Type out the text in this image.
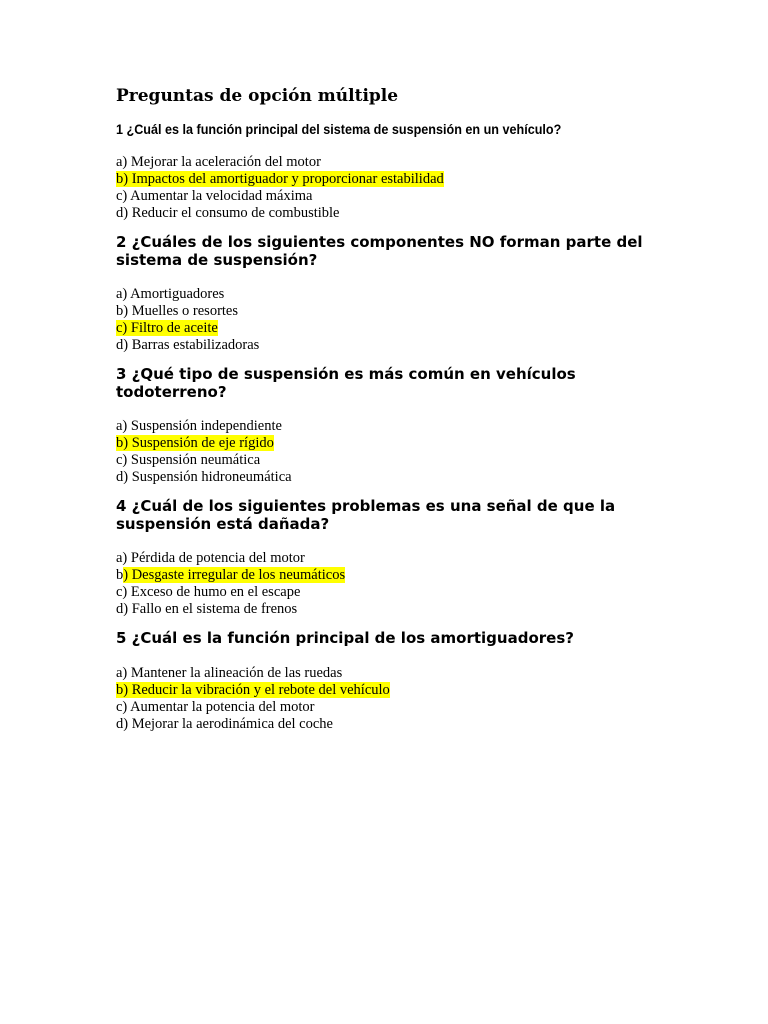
Preguntas de opción múltiple

1 ¿Cuál es la función principal del sistema de suspensión en un vehículo?

a) Mejorar la aceleración del motor
b) Impactos del amortiguador y proporcionar estabilidad
c) Aumentar la velocidad máxima
d) Reducir el consumo de combustible

2 ¿Cuáles de los siguientes componentes NO forman parte del sistema de suspensión?

a) Amortiguadores
b) Muelles o resortes
c) Filtro de aceite
d) Barras estabilizadoras

3 ¿Qué tipo de suspensión es más común en vehículos todoterreno?

a) Suspensión independiente
b) Suspensión de eje rígido
c) Suspensión neumática
d) Suspensión hidroneumática

4 ¿Cuál de los siguientes problemas es una señal de que la suspensión está dañada?

a) Pérdida de potencia del motor
b) Desgaste irregular de los neumáticos
c) Exceso de humo en el escape
d) Fallo en el sistema de frenos

5 ¿Cuál es la función principal de los amortiguadores?

a) Mantener la alineación de las ruedas
b) Reducir la vibración y el rebote del vehículo
c) Aumentar la potencia del motor
d) Mejorar la aerodinámica del coche
